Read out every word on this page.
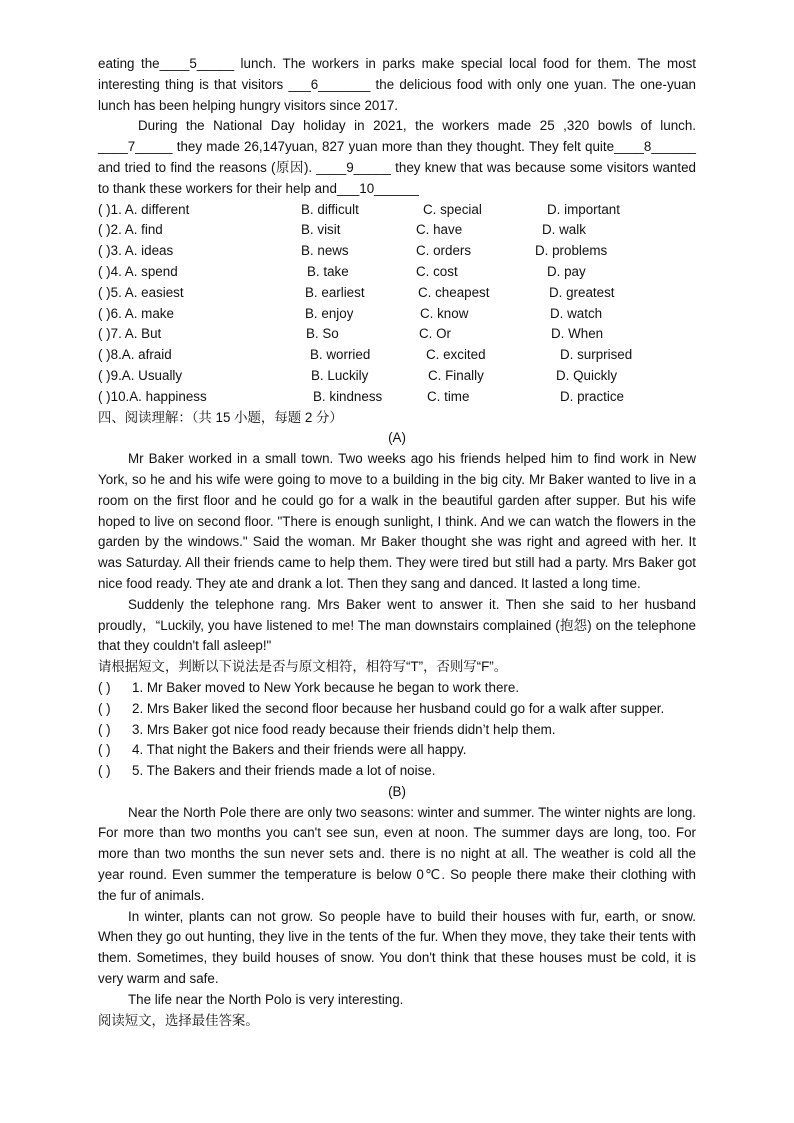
eating the____5_____ lunch. The workers in parks make special local food for them. The most interesting thing is that visitors ___6_______ the delicious food with only one yuan. The one-yuan lunch has been helping hungry visitors since 2017.

During the National Day holiday in 2021, the workers made 25 ,320 bowls of lunch. ____7_____ they made 26,147yuan, 827 yuan more than they thought. They felt quite____8______ and tried to find the reasons (原因). ____9_____ they knew that was because some visitors wanted to thank these workers for their help and___10______

( )1. A. different	B. difficult	C. special	D. important
( )2. A. find	B. visit	C. have	D. walk
( )3. A. ideas	B. news	C. orders	D. problems
( )4. A. spend	B. take	C. cost	D. pay
( )5. A. easiest	B. earliest	C. cheapest	D. greatest
( )6. A. make	B. enjoy	C. know	D. watch
( )7. A. But	B. So	C. Or	D. When
( )8.A. afraid	B. worried	C. excited	D. surprised
( )9.A. Usually	B. Luckily	C. Finally	D. Quickly
( )10.A. happiness	B. kindness	C. time	D. practice

四、阅读理解：（共 15 小题，每题 2 分）

(A)

Mr Baker worked in a small town. Two weeks ago his friends helped him to find work in New York, so he and his wife were going to move to a building in the big city. Mr Baker wanted to live in a room on the first floor and he could go for a walk in the beautiful garden after supper. But his wife hoped to live on second floor. "There is enough sunlight, I think. And we can watch the flowers in the garden by the windows." Said the woman. Mr Baker thought she was right and agreed with her. It was Saturday. All their friends came to help them. They were tired but still had a party. Mrs Baker got nice food ready. They ate and drank a lot. Then they sang and danced. It lasted a long time.

Suddenly the telephone rang. Mrs Baker went to answer it. Then she said to her husband proudly，“Luckily, you have listened to me! The man downstairs complained (抱怨) on the telephone that they couldn't fall asleep!"

请根据短文，判断以下说法是否与原文相符，相符写“T”，否则写“F”。

( ) 1. Mr Baker moved to New York because he began to work there.

( ) 2. Mrs Baker liked the second floor because her husband could go for a walk after supper.

( ) 3. Mrs Baker got nice food ready because their friends didn’t help them.

( ) 4. That night the Bakers and their friends were all happy.

( ) 5. The Bakers and their friends made a lot of noise.

(B)

Near the North Pole there are only two seasons: winter and summer. The winter nights are long. For more than two months you can't see sun, even at noon. The summer days are long, too. For more than two months the sun never sets and. there is no night at all. The weather is cold all the year round. Even summer the temperature is below 0℃. So people there make their clothing with the fur of animals.

In winter, plants can not grow. So people have to build their houses with fur, earth, or snow. When they go out hunting, they live in the tents of the fur. When they move, they take their tents with them. Sometimes, they build houses of snow. You don't think that these houses must be cold, it is very warm and safe.

The life near the North Polo is very interesting.

阅读短文，选择最佳答案。
